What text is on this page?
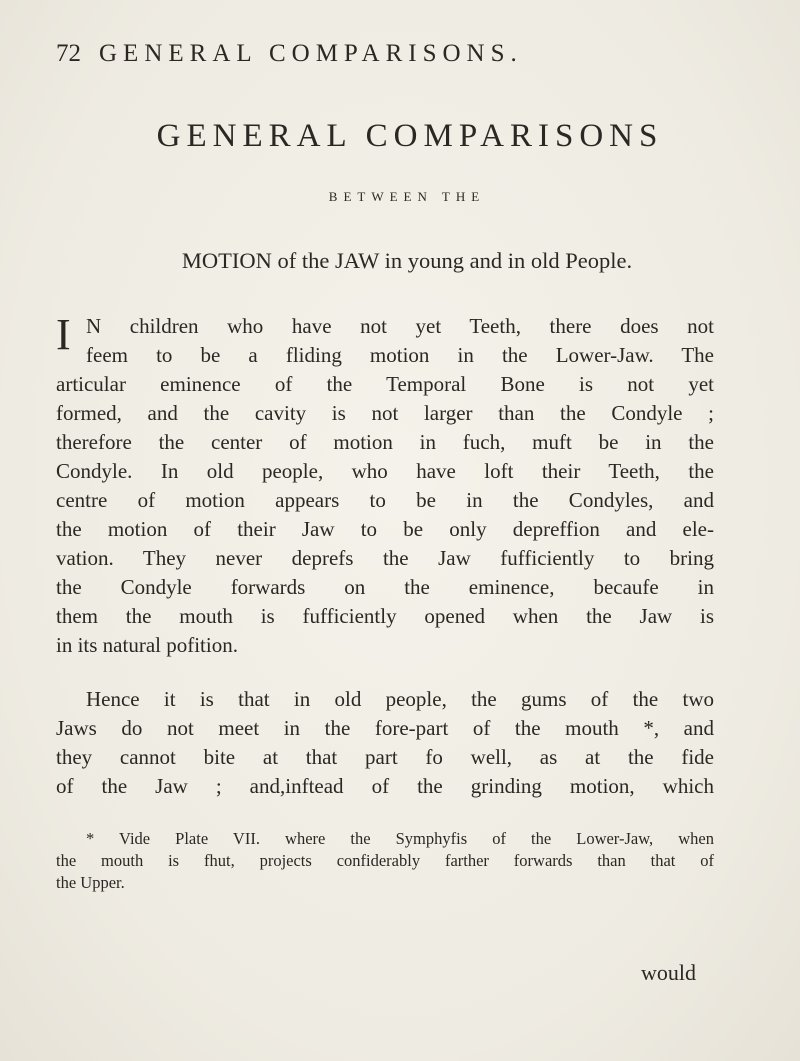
72 GENERAL COMPARISONS.
GENERAL COMPARISONS
BETWEEN THE
MOTION of the JAW in young and in old People.
I N children who have not yet Teeth, there does not
feem to be a fliding motion in the Lower-Jaw. The
articular eminence of the Temporal Bone is not yet
formed, and the cavity is not larger than the Condyle ;
therefore the center of motion in fuch, muft be in the
Condyle. In old people, who have loft their Teeth, the
centre of motion appears to be in the Condyles, and
the motion of their Jaw to be only depreffion and ele-
vation. They never deprefs the Jaw fufficiently to bring
the Condyle forwards on the eminence, becaufe in
them the mouth is fufficiently opened when the Jaw is
in its natural pofition.
Hence it is that in old people, the gums of the two
Jaws do not meet in the fore-part of the mouth *, and
they cannot bite at that part fo well, as at the fide
of the Jaw ; and,inftead of the grinding motion, which
* Vide Plate VII. where the Symphyfis of the Lower-Jaw, when
the mouth is fhut, projects confiderably farther forwards than that of
the Upper.
would
